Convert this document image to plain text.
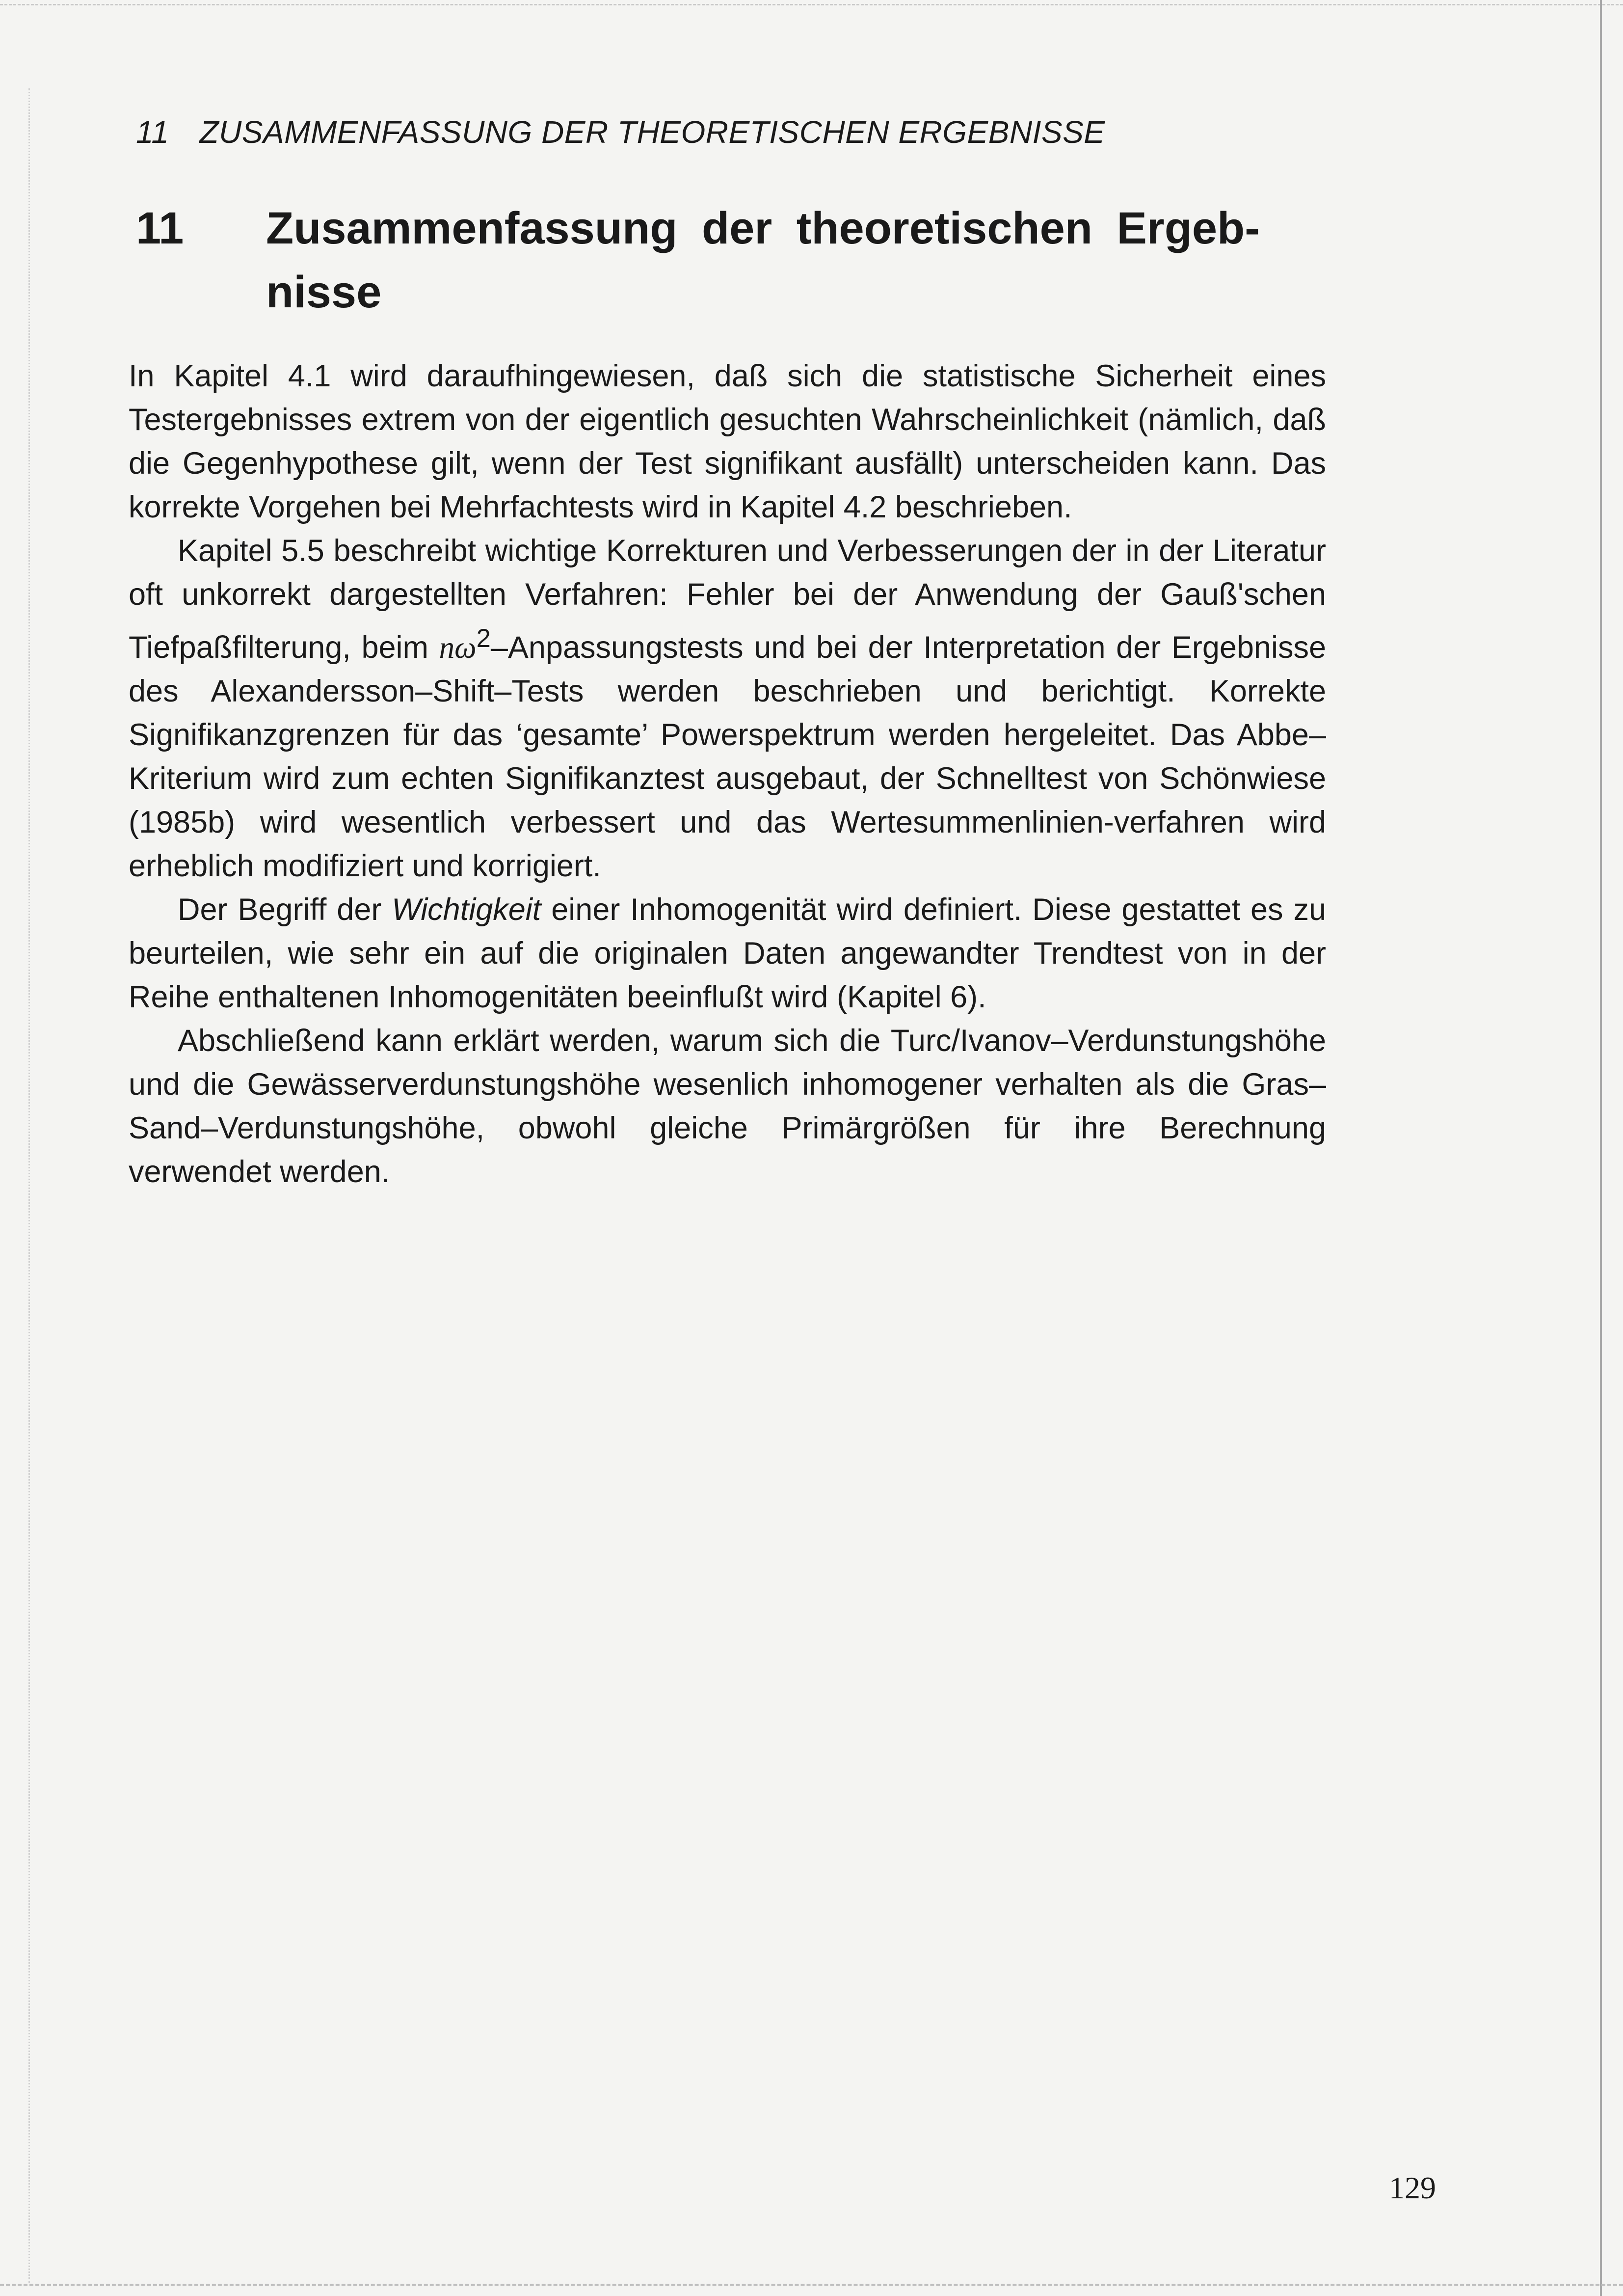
11 ZUSAMMENFASSUNG DER THEORETISCHEN ERGEBNISSE
11 Zusammenfassung der theoretischen Ergeb- nisse

In Kapitel 4.1 wird daraufhingewiesen, daß sich die statistische Sicherheit eines Testergebnisses extrem von der eigentlich gesuchten Wahrscheinlichkeit (nämlich, daß die Gegenhypothese gilt, wenn der Test signifikant ausfällt) unterscheiden kann. Das korrekte Vorgehen bei Mehrfachtests wird in Kapitel 4.2 beschrieben.

Kapitel 5.5 beschreibt wichtige Korrekturen und Verbesserungen der in der Literatur oft unkorrekt dargestellten Verfahren: Fehler bei der Anwendung der Gauß'schen Tiefpaßfilterung, beim $n\omega^2$–Anpassungstests und bei der Interpretation der Ergebnisse des Alexandersson–Shift–Tests werden beschrieben und berichtigt. Korrekte Signifikanzgrenzen für das ‘gesamte’ Powerspektrum werden hergeleitet. Das Abbe–Kriterium wird zum echten Signifikanztest ausgebaut, der Schnelltest von Schönwiese (1985b) wird wesentlich verbessert und das Wertesummenlinien-verfahren wird erheblich modifiziert und korrigiert.

Der Begriff der Wichtigkeit einer Inhomogenität wird definiert. Diese gestattet es zu beurteilen, wie sehr ein auf die originalen Daten angewandter Trendtest von in der Reihe enthaltenen Inhomogenitäten beeinflußt wird (Kapitel 6).

Abschließend kann erklärt werden, warum sich die Turc/Ivanov–Verdunstungshöhe und die Gewässerverdunstungshöhe wesenlich inhomogener verhalten als die Gras–Sand–Verdunstungshöhe, obwohl gleiche Primärgrößen für ihre Berechnung verwendet werden.

129
